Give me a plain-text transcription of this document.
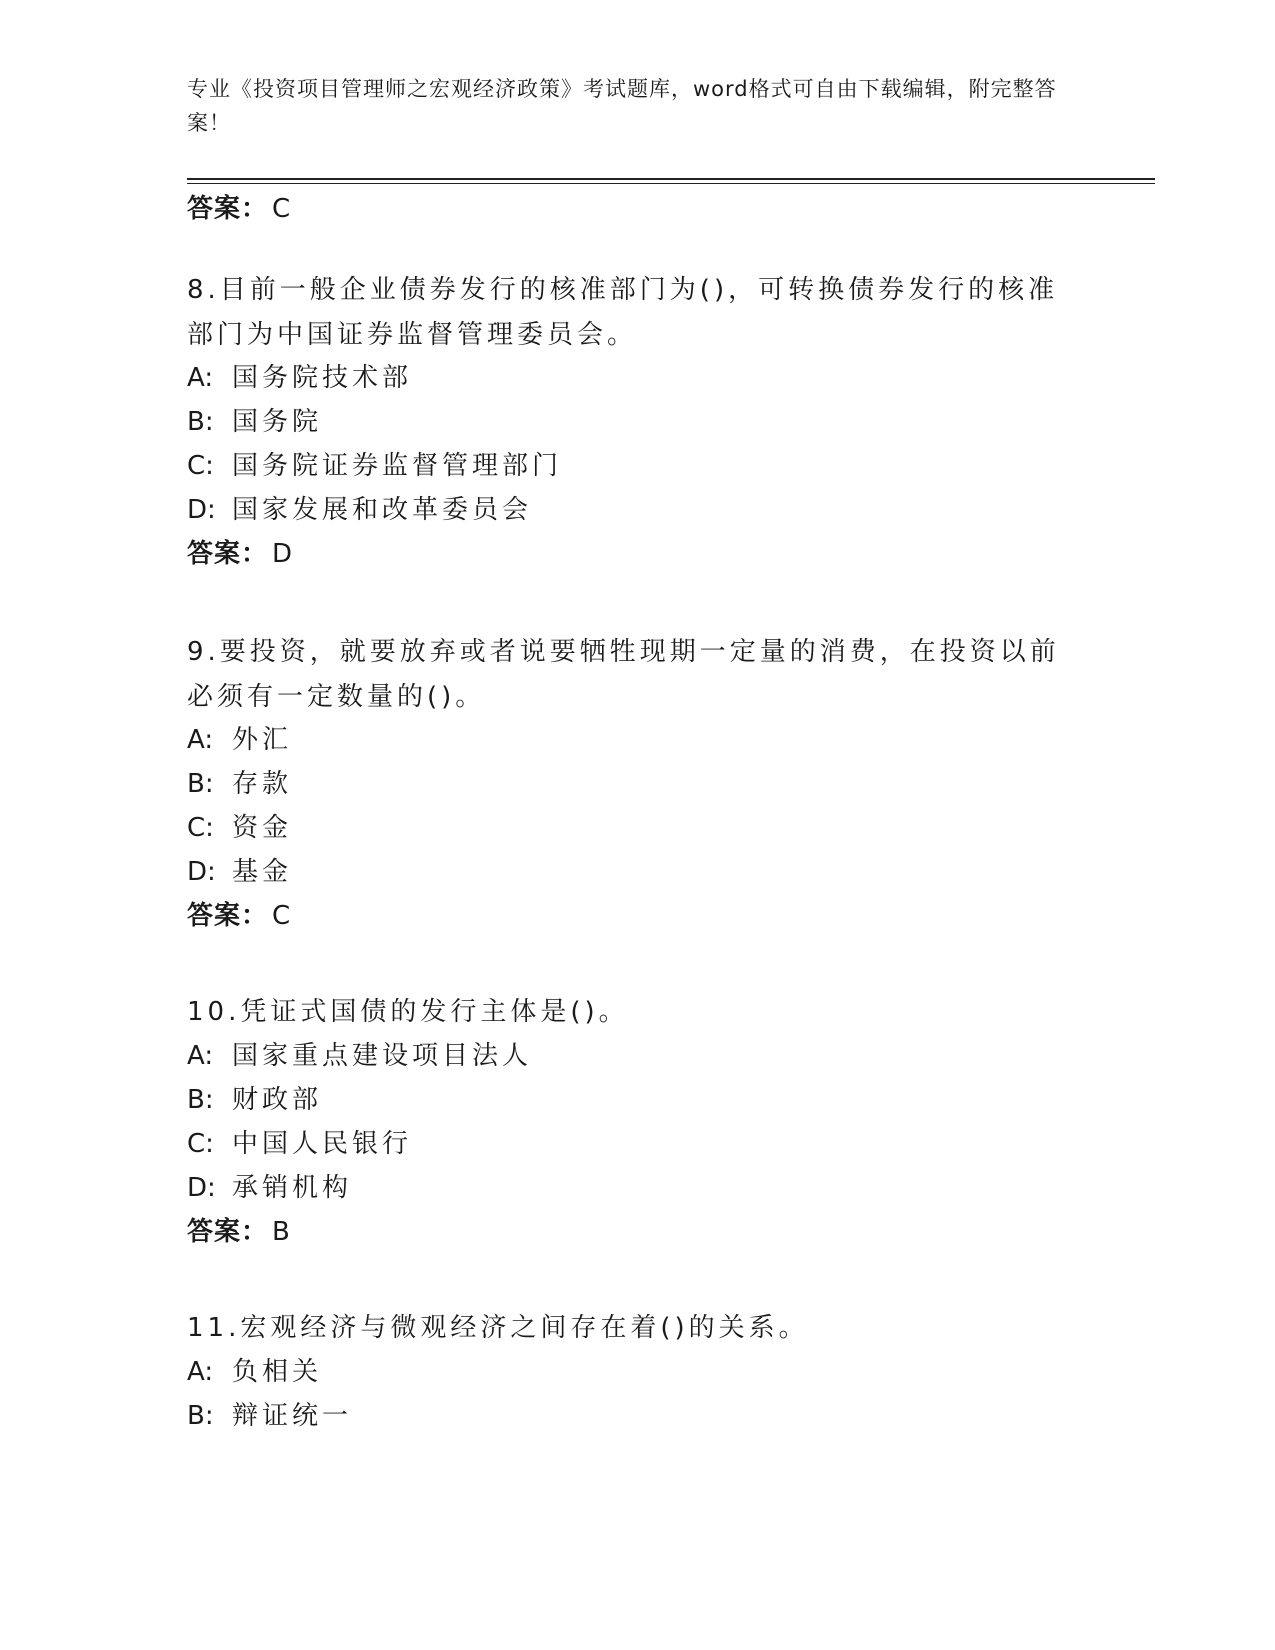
专业《投资项目管理师之宏观经济政策》考试题库，word格式可自由下载编辑，附完整答案！
答案： C
8.目前一般企业债券发行的核准部门为()，可转换债券发行的核准部门为中国证券监督管理委员会。
A: 国务院技术部
B: 国务院
C: 国务院证券监督管理部门
D: 国家发展和改革委员会
答案： D
9.要投资，就要放弃或者说要牺牲现期一定量的消费，在投资以前必须有一定数量的()。
A: 外汇
B: 存款
C: 资金
D: 基金
答案： C
10.凭证式国债的发行主体是()。
A: 国家重点建设项目法人
B: 财政部
C: 中国人民银行
D: 承销机构
答案： B
11.宏观经济与微观经济之间存在着()的关系。
A: 负相关
B: 辩证统一
